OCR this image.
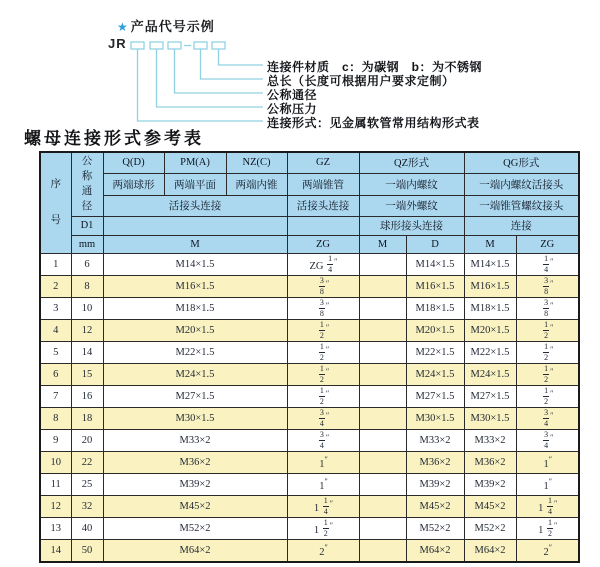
★ 产品代号示例
JR
连接件材质　c：为碳钢　b：为不锈钢
总长（长度可根据用户要求定制）
公称通径
公称压力
连接形式：见金属软管常用结构形式表
螺母连接形式参考表
序
号	公
称
通
径	Q(D)	PM(A)	NZ(C)	GZ	QZ形式		QG形式	
		两端球形	两端平面	两端内锥	两端锥管	一端内螺纹		一端内螺纹活接头	
		活接头连接			活接头连接	一端外螺纹		一端锥管螺纹接头	
	D1					球形接头连接		连接	
	mm	M			ZG	M	D	M	ZG
1	6	M14×1.5			ZG $\frac{1}{4} ''$		M14×1.5	M14×1.5	$\frac{1}{4} ''$
2	8	M16×1.5			$\frac{3}{8} ''$		M16×1.5	M16×1.5	$\frac{3}{8} ''$
3	10	M18×1.5			$\frac{3}{8} ''$		M18×1.5	M18×1.5	$\frac{3}{8} ''$
4	12	M20×1.5			$\frac{1}{2} ''$		M20×1.5	M20×1.5	$\frac{1}{2} ''$
5	14	M22×1.5			$\frac{1}{2} ''$		M22×1.5	M22×1.5	$\frac{1}{2} ''$
6	15	M24×1.5			$\frac{1}{2} ''$		M24×1.5	M24×1.5	$\frac{1}{2} ''$
7	16	M27×1.5			$\frac{1}{2} ''$		M27×1.5	M27×1.5	$\frac{1}{2} ''$
8	18	M30×1.5			$\frac{3}{4} ''$		M30×1.5	M30×1.5	$\frac{3}{4} ''$
9	20	M33×2			$\frac{3}{4} ''$		M33×2	M33×2	$\frac{3}{4} ''$
10	22	M36×2			1″		M36×2	M36×2	1″
11	25	M39×2			1″		M39×2	M39×2	1″
12	32	M45×2			$1 \frac{1}{4} ''$		M45×2	M45×2	$1 \frac{1}{4} ''$
13	40	M52×2			$1 \frac{1}{2} ''$		M52×2	M52×2	$1 \frac{1}{2} ''$
14	50	M64×2			2″		M64×2	M64×2	2″
